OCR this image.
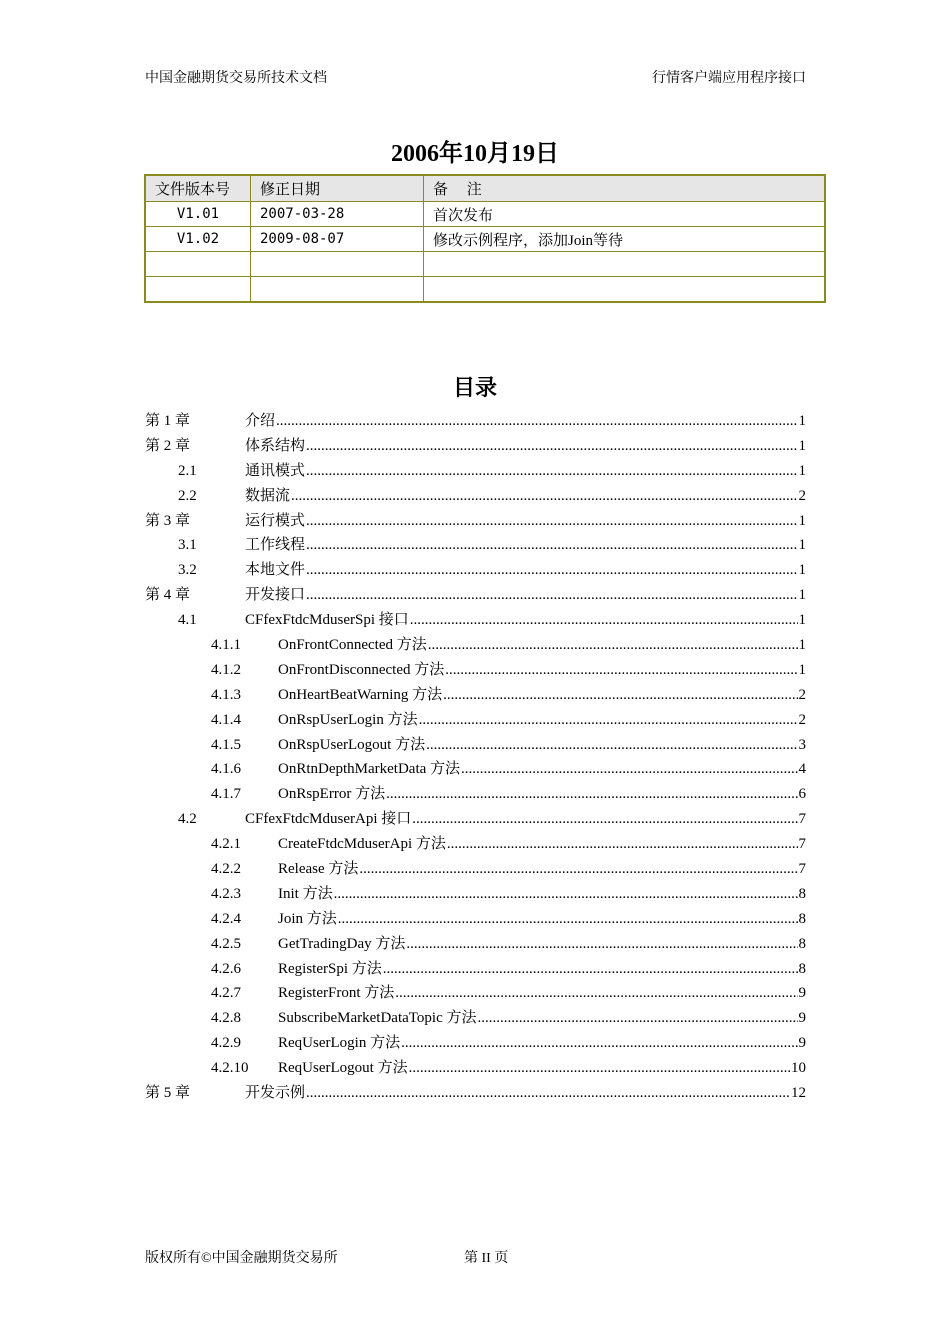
中国金融期货交易所技术文档	行情客户端应用程序接口
2006年10月19日
文件版本号	修正日期	备　 注
V1.01	2007-03-28	首次发布
V1.02	2009-08-07	修改示例程序，添加Join等待

目录
第 1 章	介绍 .....	1
第 2 章	体系结构 .....	1
2.1	通讯模式 .....	1
2.2	数据流 .....	2
第 3 章	运行模式 .....	1
3.1	工作线程 .....	1
3.2	本地文件 .....	1
第 4 章	开发接口 .....	1
4.1	CFfexFtdcMduserSpi 接口 .....	1
4.1.1	OnFrontConnected 方法 .....	1
4.1.2	OnFrontDisconnected 方法 .....	1
4.1.3	OnHeartBeatWarning 方法 .....	2
4.1.4	OnRspUserLogin 方法 .....	2
4.1.5	OnRspUserLogout 方法 .....	3
4.1.6	OnRtnDepthMarketData 方法 .....	4
4.1.7	OnRspError 方法 .....	6
4.2	CFfexFtdcMduserApi 接口 .....	7
4.2.1	CreateFtdcMduserApi 方法 .....	7
4.2.2	Release 方法 .....	7
4.2.3	Init 方法 .....	8
4.2.4	Join 方法 .....	8
4.2.5	GetTradingDay 方法 .....	8
4.2.6	RegisterSpi 方法 .....	8
4.2.7	RegisterFront 方法 .....	9
4.2.8	SubscribeMarketDataTopic 方法 .....	9
4.2.9	ReqUserLogin 方法 .....	9
4.2.10	ReqUserLogout 方法 .....	10
第 5 章	开发示例 .....	12
版权所有©中国金融期货交易所	第 II 页
